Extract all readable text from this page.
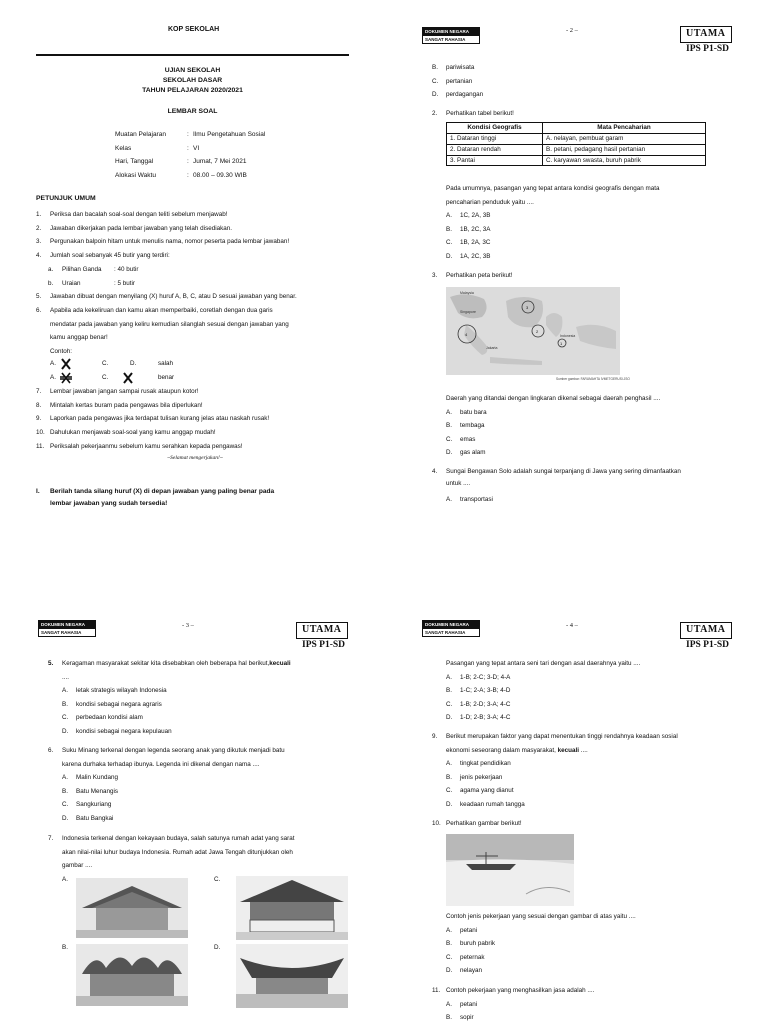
KOP SEKOLAH
UJIAN SEKOLAH
SEKOLAH DASAR
TAHUN PELAJARAN 2020/2021
LEMBAR SOAL
Muatan Pelajaran	: Ilmu Pengetahuan Sosial
Kelas	: VI
Hari, Tanggal	: Jumat, 7 Mei 2021
Alokasi Waktu	: 08.00 – 09.30 WIB
PETUNJUK UMUM
1.	Periksa dan bacalah soal-soal dengan teliti sebelum menjawab!
2.	Jawaban dikerjakan pada lembar jawaban yang telah disediakan.
3.	Pergunakan balpoin hitam untuk menulis nama, nomor peserta pada lembar jawaban!
4.	Jumlah soal sebanyak 45 butir yang terdiri:
a.	Pilihan Ganda	: 40 butir
b.	Uraian	: 5 butir
5.	Jawaban dibuat dengan menyilang (X) huruf A, B, C, atau D sesuai jawaban yang benar.
6.	Apabila ada kekeliruan dan kamu akan memperbaiki, coretlah dengan dua garis
mendatar pada jawaban yang keliru kemudian silanglah sesuai dengan jawaban yang
kamu anggap benar!
Contoh:
A.	C.	D.	salah
A.	C.	benar
7.	Lembar jawaban jangan sampai rusak ataupun kotor!
8.	Mintalah kertas buram pada pengawas bila diperlukan!
9.	Laporkan pada pengawas jika terdapat tulisan kurang jelas atau naskah rusak!
10. Dahulukan menjawab soal-soal yang kamu anggap mudah!
11. Periksalah pekerjaanmu sebelum kamu serahkan kepada pengawas!
~Selamat mengerjakan!~
I.	Berilah tanda silang huruf (X) di depan jawaban yang paling benar pada
lembar jawaban yang sudah tersedia!
DOKUMEN NEGARA
SANGAT RAHASIA
- 2 –	UTAMA
IPS P1-SD
B.	pariwisata
C.	pertanian
D.	perdagangan
2.	Perhatikan tabel berikut!
Kondisi Geografis	Mata Pencaharian
1. Dataran tinggi	A. nelayan, pembuat garam
2. Dataran rendah	B. petani, pedagang hasil pertanian
3. Pantai	C. karyawan swasta, buruh pabrik
Pada umumnya, pasangan yang tepat antara kondisi geografis dengan mata
pencaharian penduduk yaitu ....
A.	1C, 2A, 3B
B.	1B, 2C, 3A
C.	1B, 2A, 3C
D.	1A, 2C, 3B
3.	Perhatikan peta berikut!
4
3
2
1
Malaysia
Singapore
Indonesia
Jakarta
Sumber gambar: FARUMAHTA IVMETGERUSI.JSO
Daerah yang ditandai dengan lingkaran dikenal sebagai daerah penghasil ....
A.	batu bara
B.	tembaga
C.	emas
D.	gas alam
4.	Sungai Bengawan Solo adalah sungai terpanjang di Jawa yang sering dimanfaatkan
untuk ....
DOKUMEN NEGARA
SANGAT RAHASIA
- 3 –	UTAMA
IPS P1-SD
5.	Keragaman masyarakat sekitar kita disebabkan oleh beberapa hal berikut, kecuali
....
A.	letak strategis wilayah Indonesia
B.	kondisi sebagai negara agraris
C.	perbedaan kondisi alam
D.	kondisi sebagai negara kepulauan
6.	Suku Minang terkenal dengan legenda seorang anak yang dikutuk menjadi batu
karena durhaka terhadap ibunya. Legenda ini dikenal dengan nama ....
A.	Malin Kundang
B.	Batu Menangis
C.	Sangkuriang
D.	Batu Bangkai
7.	Indonesia terkenal dengan kekayaan budaya, salah satunya rumah adat yang sarat
akan nilai-nilai luhur budaya Indonesia. Rumah adat Jawa Tengah ditunjukkan oleh
gambar ....
A.	C.
B.	D.
DOKUMEN NEGARA
SANGAT RAHASIA
- 4 –	UTAMA
IPS P1-SD
Pasangan yang tepat antara seni tari dengan asal daerahnya yaitu ....
A.	1-B; 2-C; 3-D; 4-A
B.	1-C; 2-A; 3-B; 4-D
C.	1-B; 2-D; 3-A; 4-C
D.	1-D; 2-B; 3-A; 4-C
9.	Berikut merupakan faktor yang dapat menentukan tinggi rendahnya keadaan sosial
ekonomi seseorang dalam masyarakat, kecuali ....
A.	tingkat pendidikan
B.	jenis pekerjaan
C.	agama yang dianut
D.	keadaan rumah tangga
10. Perhatikan gambar berikut!
Contoh jenis pekerjaan yang sesuai dengan gambar di atas yaitu ....
A.	petani
B.	buruh pabrik
C.	peternak
D.	nelayan
11. Contoh pekerjaan yang menghasilkan jasa adalah ....
A.	petani
B.	sopir
A.	transportasi
